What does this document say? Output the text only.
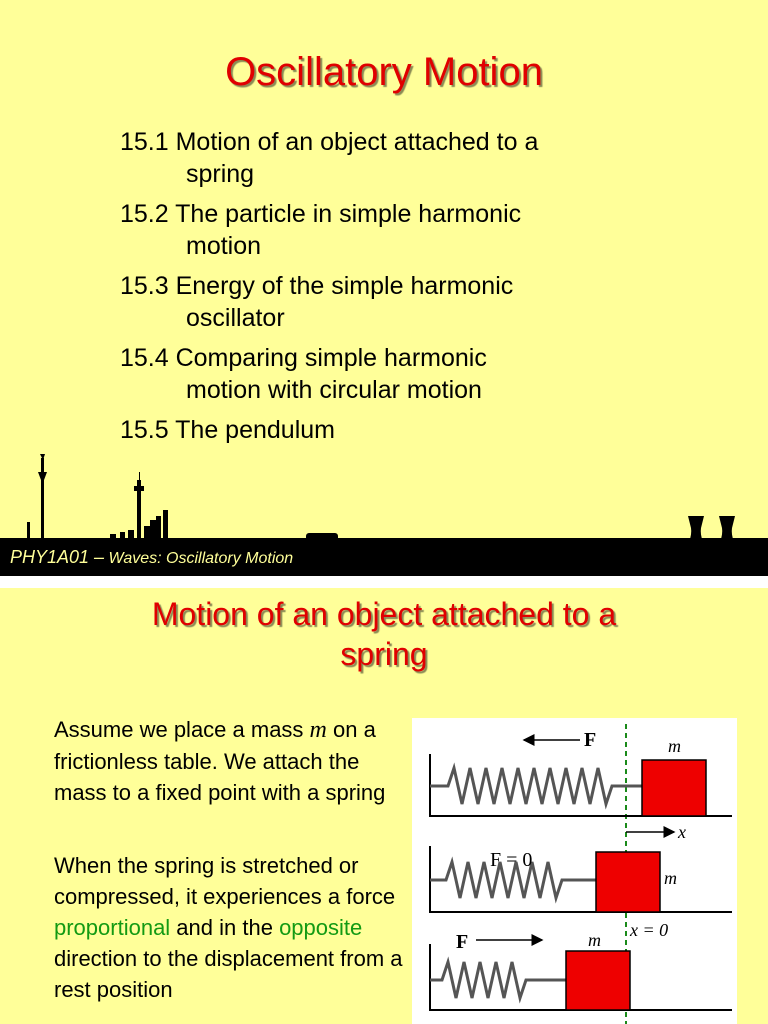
Oscillatory Motion
15.1 Motion of an object attached to a
spring
15.2 The particle in simple harmonic
motion
15.3 Energy of the simple harmonic
oscillator
15.4 Comparing simple harmonic
motion with circular motion
15.5 The pendulum
PHY1A01 – Waves: Oscillatory Motion
Motion of an object attached to a
spring

Assume we place a mass m on a frictionless table. We attach the mass to a fixed point with a spring

When the spring is stretched or compressed, it experiences a force proportional and in the opposite direction to the displacement from a rest position

F	m
x
F = 0
m
x = 0
F	m
